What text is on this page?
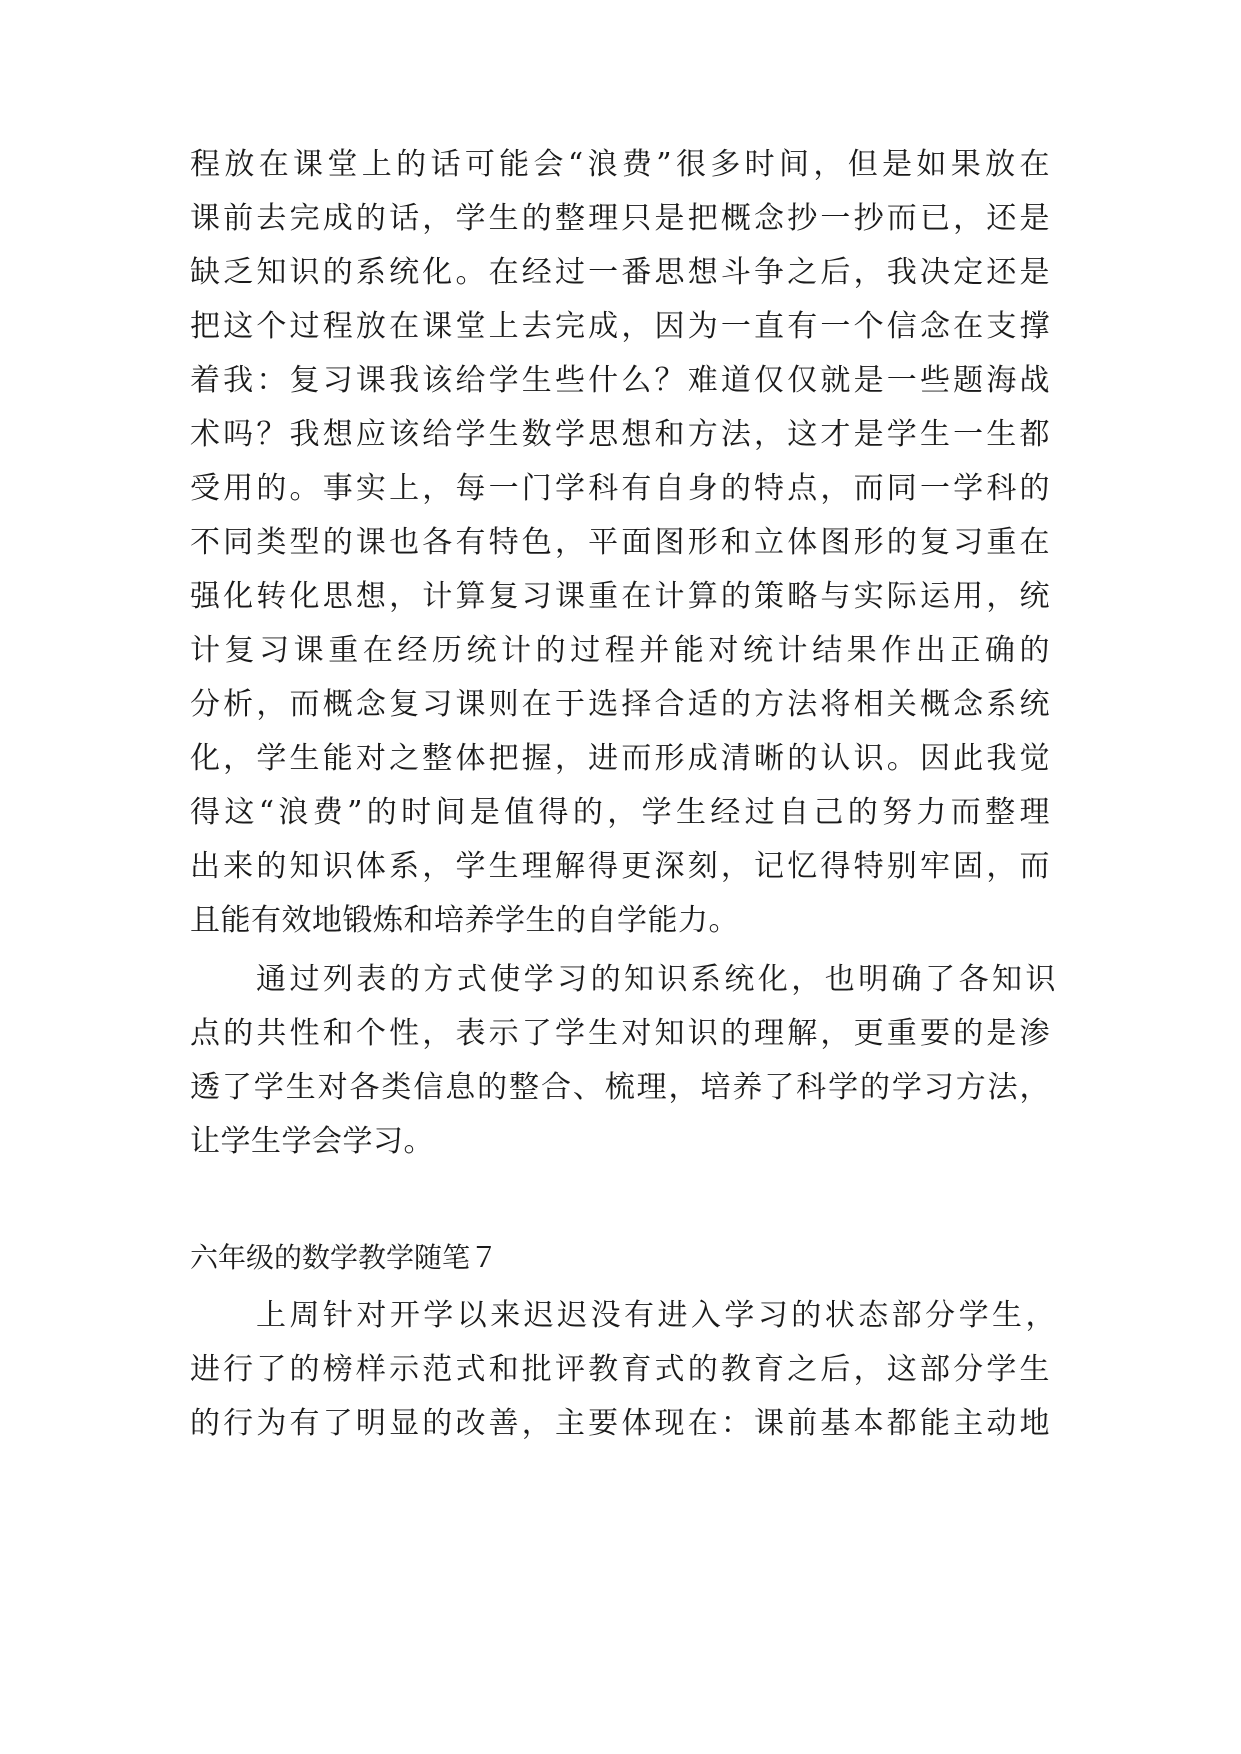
程放在课堂上的话可能会“浪费”很多时间，但是如果放在
课前去完成的话，学生的整理只是把概念抄一抄而已，还是
缺乏知识的系统化。在经过一番思想斗争之后，我决定还是
把这个过程放在课堂上去完成，因为一直有一个信念在支撑
着我：复习课我该给学生些什么？难道仅仅就是一些题海战
术吗？我想应该给学生数学思想和方法，这才是学生一生都
受用的。事实上，每一门学科有自身的特点，而同一学科的
不同类型的课也各有特色，平面图形和立体图形的复习重在
强化转化思想，计算复习课重在计算的策略与实际运用，统
计复习课重在经历统计的过程并能对统计结果作出正确的
分析，而概念复习课则在于选择合适的方法将相关概念系统
化，学生能对之整体把握，进而形成清晰的认识。因此我觉
得这“浪费”的时间是值得的，学生经过自己的努力而整理
出来的知识体系，学生理解得更深刻，记忆得特别牢固，而
且能有效地锻炼和培养学生的自学能力。
通过列表的方式使学习的知识系统化，也明确了各知识
点的共性和个性，表示了学生对知识的理解，更重要的是渗
透了学生对各类信息的整合、梳理，培养了科学的学习方法，
让学生学会学习。
六年级的数学教学随笔７
上周针对开学以来迟迟没有进入学习的状态部分学生，
进行了的榜样示范式和批评教育式的教育之后，这部分学生
的行为有了明显的改善，主要体现在：课前基本都能主动地
